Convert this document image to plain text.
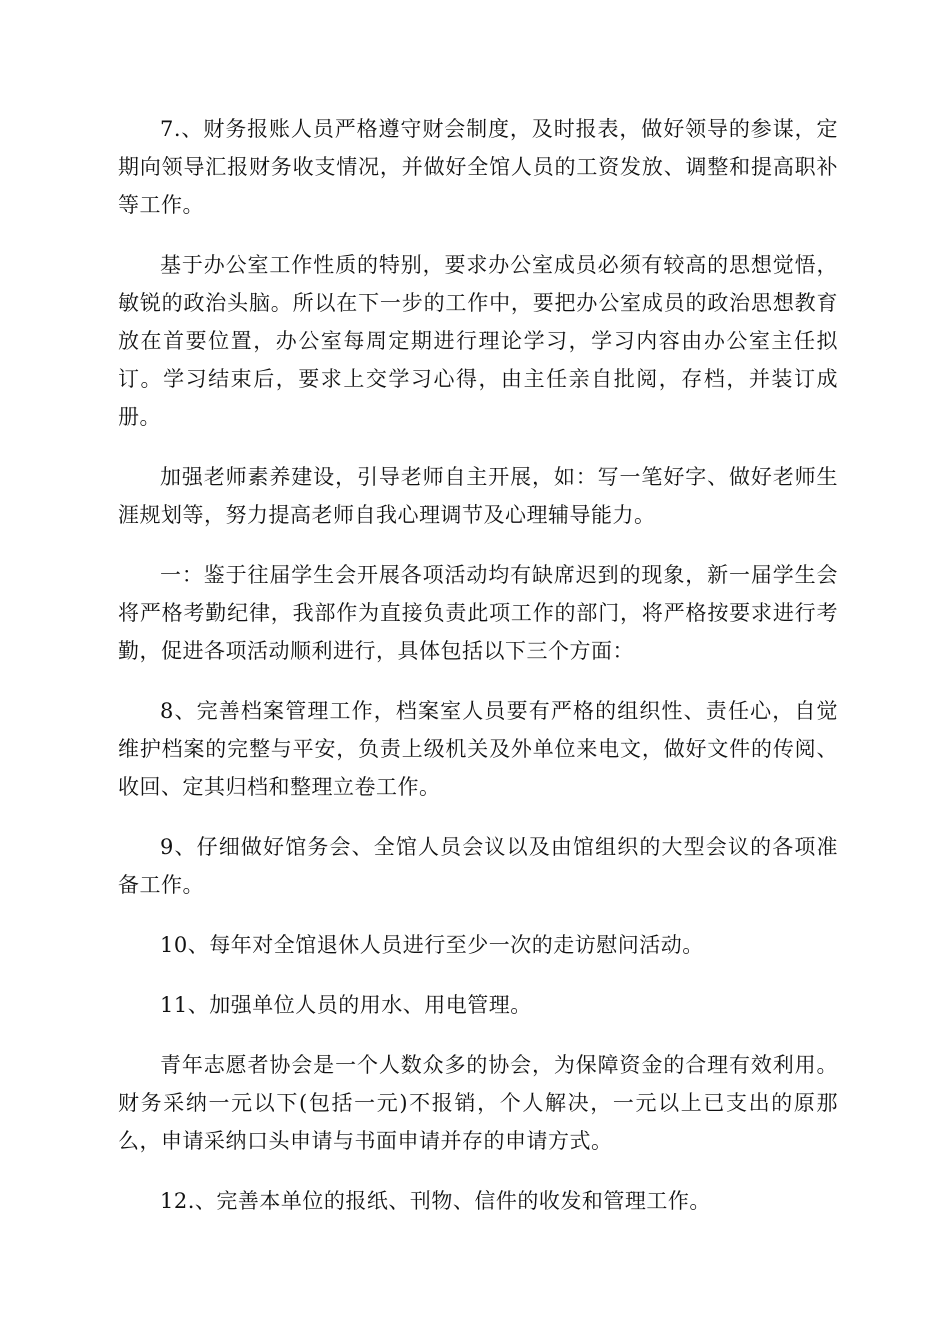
7.、财务报账人员严格遵守财会制度，及时报表，做好领导的参谋，定期向领导汇报财务收支情况，并做好全馆人员的工资发放、调整和提高职补等工作。

基于办公室工作性质的特别，要求办公室成员必须有较高的思想觉悟，敏锐的政治头脑。所以在下一步的工作中，要把办公室成员的政治思想教育放在首要位置，办公室每周定期进行理论学习，学习内容由办公室主任拟订。学习结束后，要求上交学习心得，由主任亲自批阅，存档，并装订成册。

加强老师素养建设，引导老师自主开展，如：写一笔好字、做好老师生涯规划等，努力提高老师自我心理调节及心理辅导能力。

一：鉴于往届学生会开展各项活动均有缺席迟到的现象，新一届学生会将严格考勤纪律，我部作为直接负责此项工作的部门，将严格按要求进行考勤，促进各项活动顺利进行，具体包括以下三个方面：

8、完善档案管理工作，档案室人员要有严格的组织性、责任心，自觉维护档案的完整与平安，负责上级机关及外单位来电文，做好文件的传阅、收回、定其归档和整理立卷工作。

9、仔细做好馆务会、全馆人员会议以及由馆组织的大型会议的各项准备工作。

10、每年对全馆退休人员进行至少一次的走访慰问活动。

11、加强单位人员的用水、用电管理。

青年志愿者协会是一个人数众多的协会，为保障资金的合理有效利用。财务采纳一元以下(包括一元)不报销，个人解决，一元以上已支出的原那么，申请采纳口头申请与书面申请并存的申请方式。

12.、完善本单位的报纸、刊物、信件的收发和管理工作。
